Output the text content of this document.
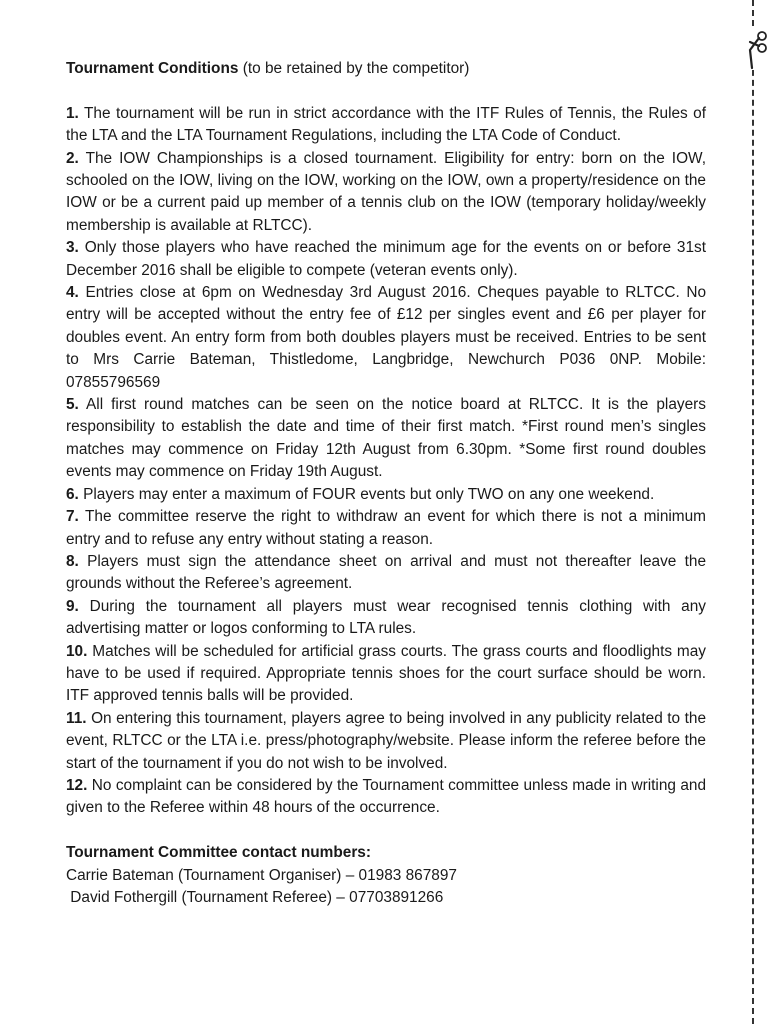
Tournament Conditions (to be retained by the competitor)

1. The tournament will be run in strict accordance with the ITF Rules of Tennis, the Rules of the LTA and the LTA Tournament Regulations, including the LTA Code of Conduct.
2. The IOW Championships is a closed tournament. Eligibility for entry: born on the IOW, schooled on the IOW, living on the IOW, working on the IOW, own a property/residence on the IOW or be a current paid up member of a tennis club on the IOW (temporary holiday/weekly membership is available at RLTCC).
3. Only those players who have reached the minimum age for the events on or before 31st December 2016 shall be eligible to compete (veteran events only).
4. Entries close at 6pm on Wednesday 3rd August 2016. Cheques payable to RLTCC. No entry will be accepted without the entry fee of £12 per singles event and £6 per player for doubles event. An entry form from both doubles players must be received. Entries to be sent to Mrs Carrie Bateman, Thistledome, Langbridge, Newchurch P036 0NP. Mobile: 07855796569
5. All first round matches can be seen on the notice board at RLTCC. It is the players responsibility to establish the date and time of their first match. *First round men’s singles matches may commence on Friday 12th August from 6.30pm. *Some first round doubles events may commence on Friday 19th August.
6. Players may enter a maximum of FOUR events but only TWO on any one weekend.
7. The committee reserve the right to withdraw an event for which there is not a minimum entry and to refuse any entry without stating a reason.
8. Players must sign the attendance sheet on arrival and must not thereafter leave the grounds without the Referee’s agreement.
9. During the tournament all players must wear recognised tennis clothing with any advertising matter or logos conforming to LTA rules.
10. Matches will be scheduled for artificial grass courts. The grass courts and floodlights may have to be used if required. Appropriate tennis shoes for the court surface should be worn. ITF approved tennis balls will be provided.
11. On entering this tournament, players agree to being involved in any publicity related to the event, RLTCC or the LTA i.e. press/photography/website. Please inform the referee before the start of the tournament if you do not wish to be involved.
12. No complaint can be considered by the Tournament committee unless made in writing and given to the Referee within 48 hours of the occurrence.

Tournament Committee contact numbers:

Carrie Bateman (Tournament Organiser) – 01983 867897

David Fothergill (Tournament Referee) – 07703891266
